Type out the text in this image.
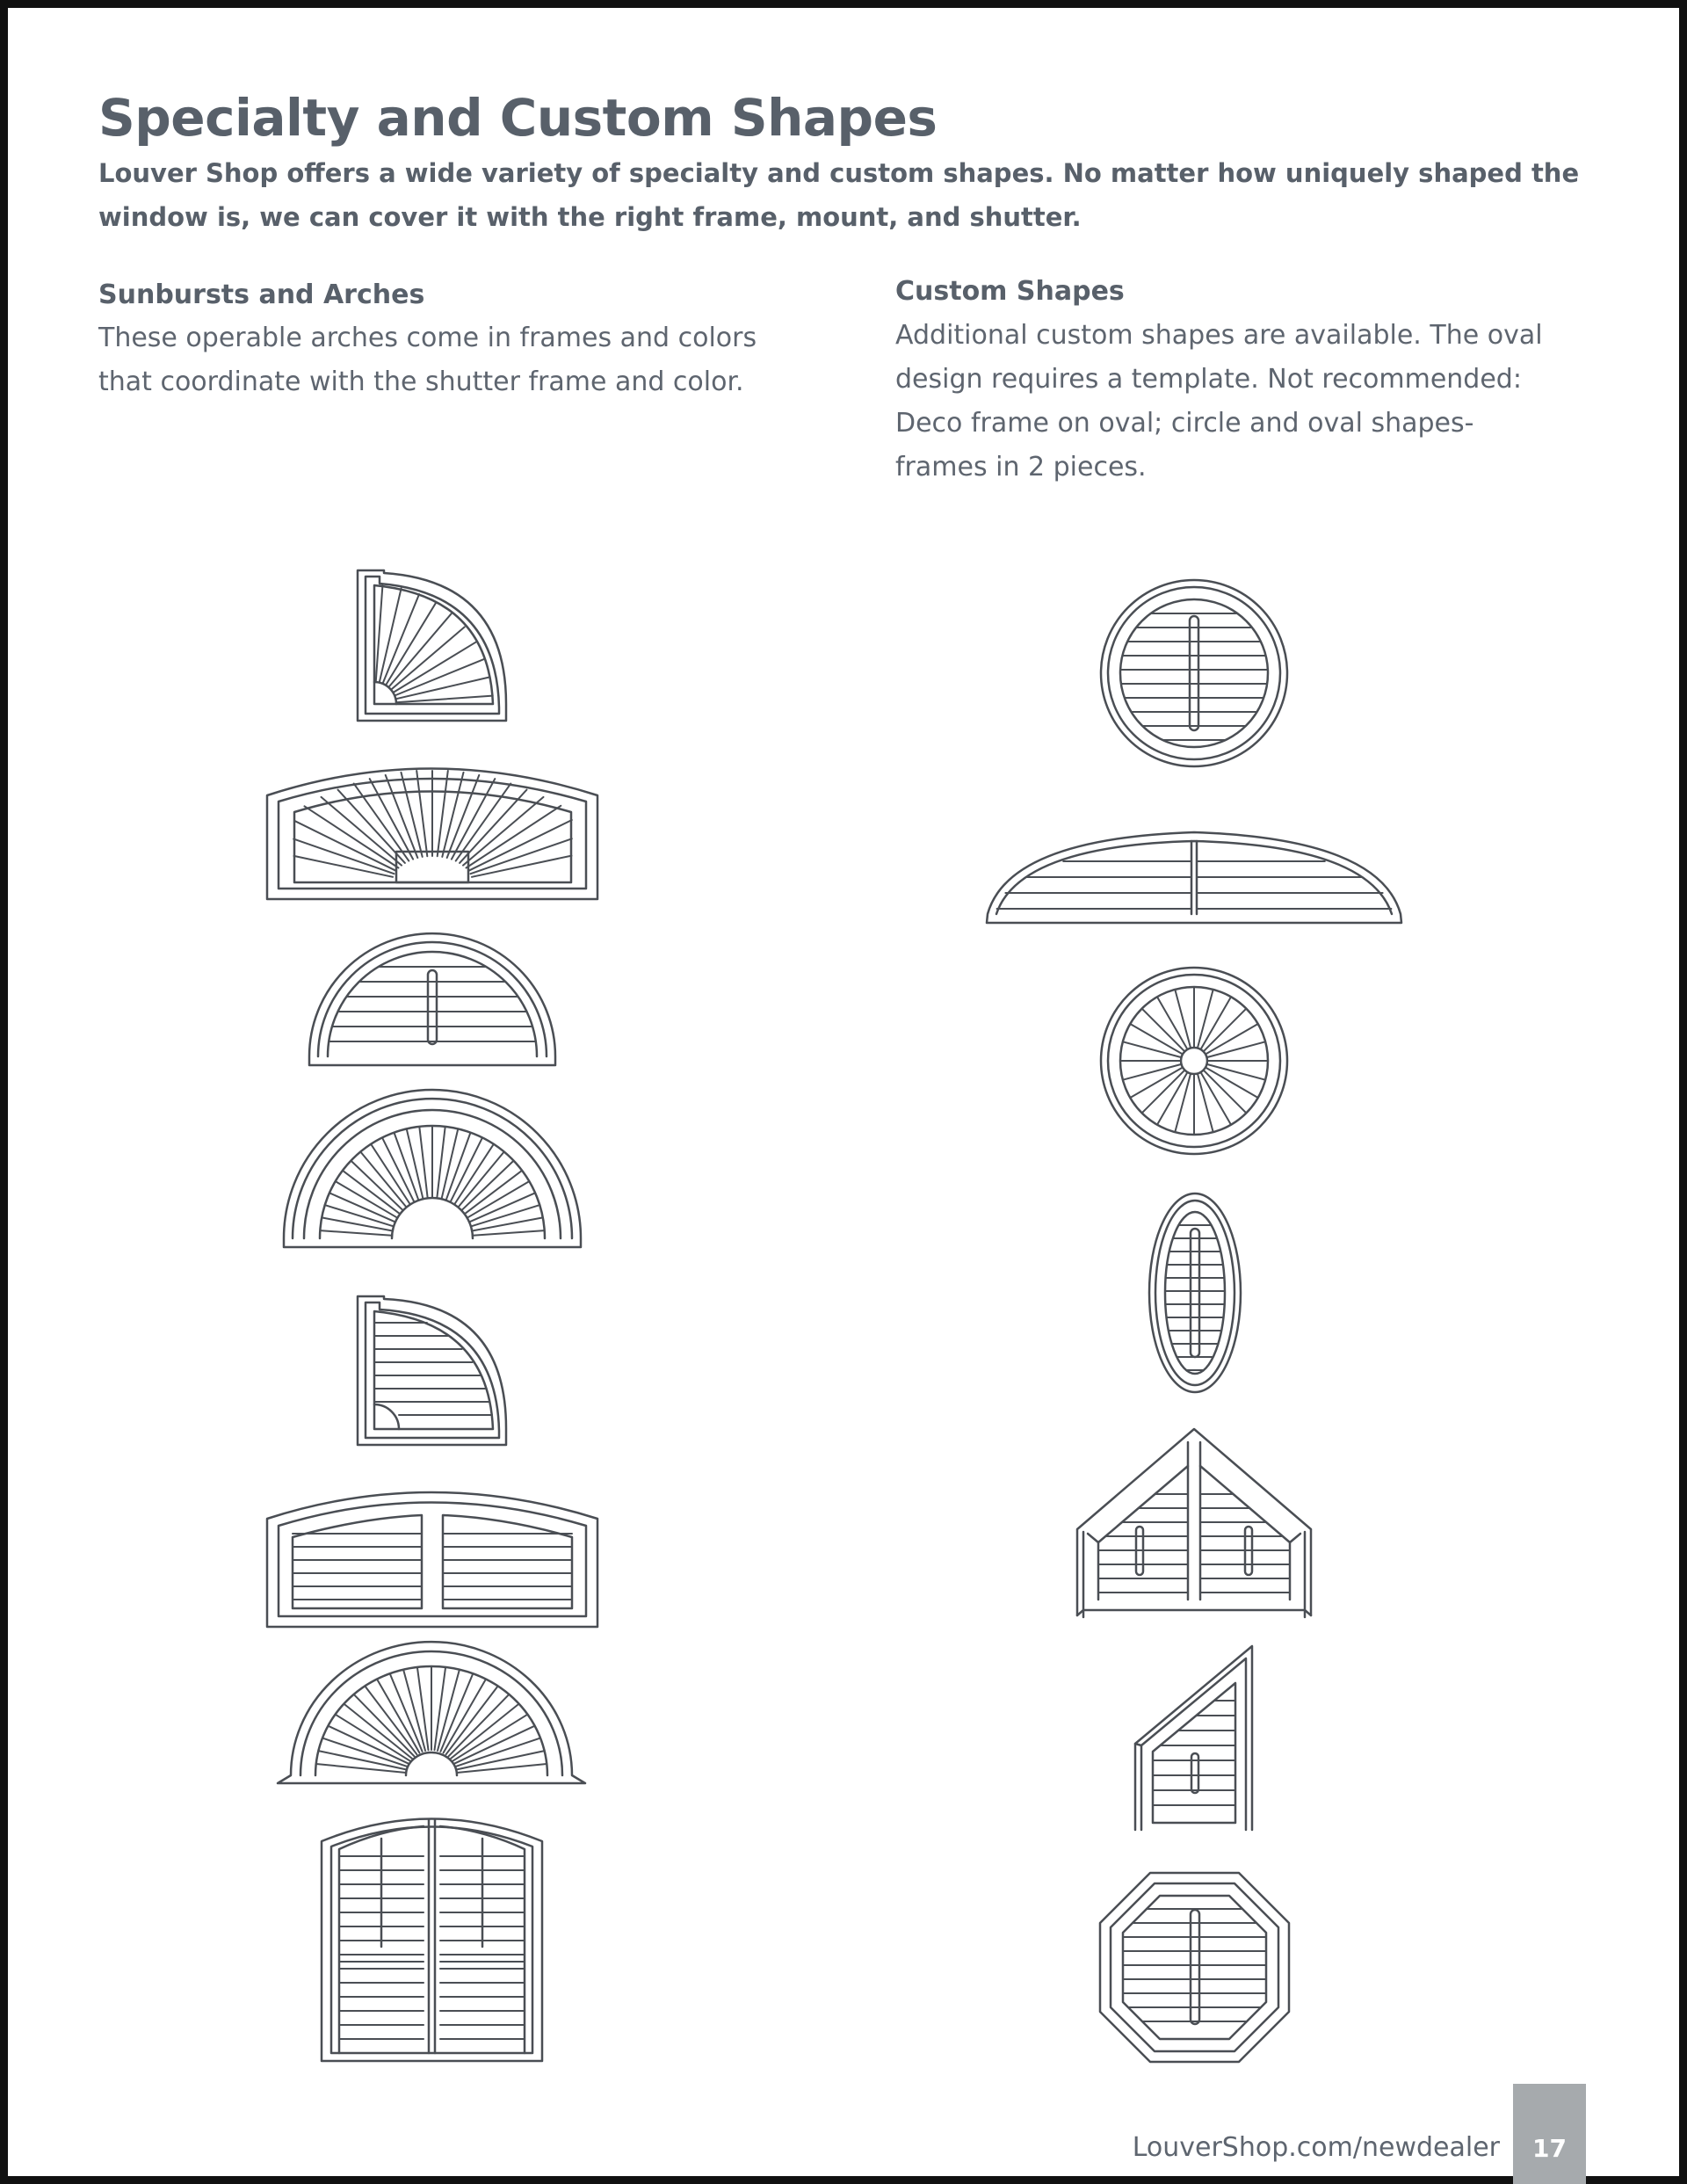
Specialty and Custom Shapes

Louver Shop offers a wide variety of specialty and custom shapes. No matter how uniquely shaped the window is, we can cover it with the right frame, mount, and shutter.

Sunbursts and Arches

These operable arches come in frames and colors that coordinate with the shutter frame and color.

Custom Shapes

Additional custom shapes are available. The oval design requires a template. Not recommended: Deco frame on oval; circle and oval shapes-frames in 2 pieces.

LouverShop.com/newdealer	17
